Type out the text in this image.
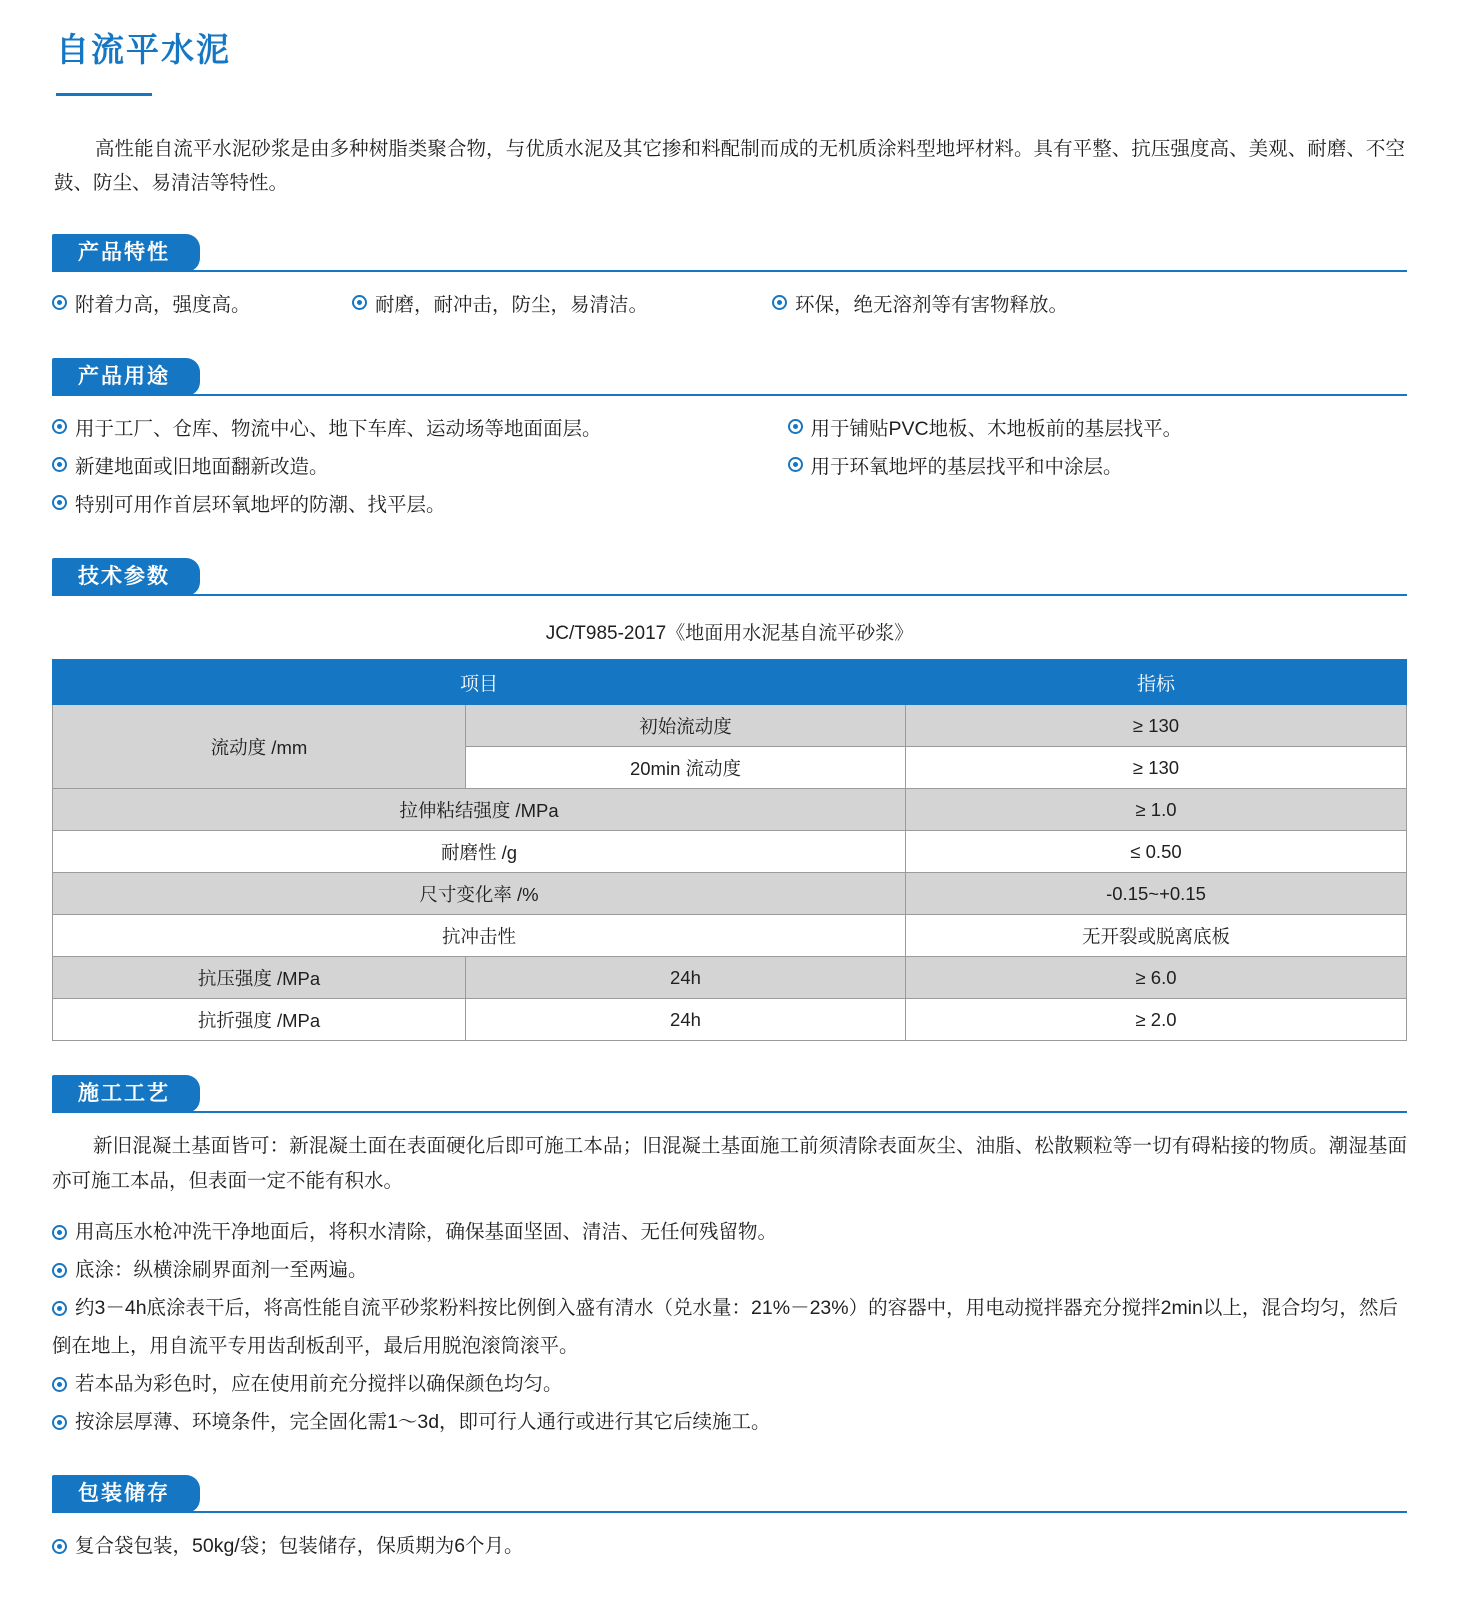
自流平水泥
高性能自流平水泥砂浆是由多种树脂类聚合物，与优质水泥及其它掺和料配制而成的无机质涂料型地坪材料。具有平整、抗压强度高、美观、耐磨、不空鼓、防尘、易清洁等特性。
产品特性
附着力高，强度高。	耐磨，耐冲击，防尘，易清洁。	环保，绝无溶剂等有害物释放。
产品用途
用于工厂、仓库、物流中心、地下车库、运动场等地面面层。
新建地面或旧地面翻新改造。
特别可用作首层环氧地坪的防潮、找平层。
用于铺贴PVC地板、木地板前的基层找平。
用于环氧地坪的基层找平和中涂层。
技术参数
JC/T985-2017《地面用水泥基自流平砂浆》
项目		指标
流动度 /mm	初始流动度	≥ 130
	20min 流动度	≥ 130
拉伸粘结强度 /MPa		≥ 1.0
耐磨性 /g		≤ 0.50
尺寸变化率 /%		-0.15~+0.15
抗冲击性		无开裂或脱离底板
抗压强度 /MPa	24h	≥ 6.0
抗折强度 /MPa	24h	≥ 2.0
施工工艺
新旧混凝土基面皆可：新混凝土面在表面硬化后即可施工本品；旧混凝土基面施工前须清除表面灰尘、油脂、松散颗粒等一切有碍粘接的物质。潮湿基面亦可施工本品，但表面一定不能有积水。
用高压水枪冲洗干净地面后，将积水清除，确保基面坚固、清洁、无任何残留物。
底涂：纵横涂刷界面剂一至两遍。
约3－4h底涂表干后，将高性能自流平砂浆粉料按比例倒入盛有清水（兑水量：21%－23%）的容器中，用电动搅拌器充分搅拌2min以上，混合均匀，然后倒在地上，用自流平专用齿刮板刮平，最后用脱泡滚筒滚平。
若本品为彩色时，应在使用前充分搅拌以确保颜色均匀。
按涂层厚薄、环境条件，完全固化需1～3d，即可行人通行或进行其它后续施工。
包装储存
复合袋包装，50kg/袋；包装储存，保质期为6个月。
